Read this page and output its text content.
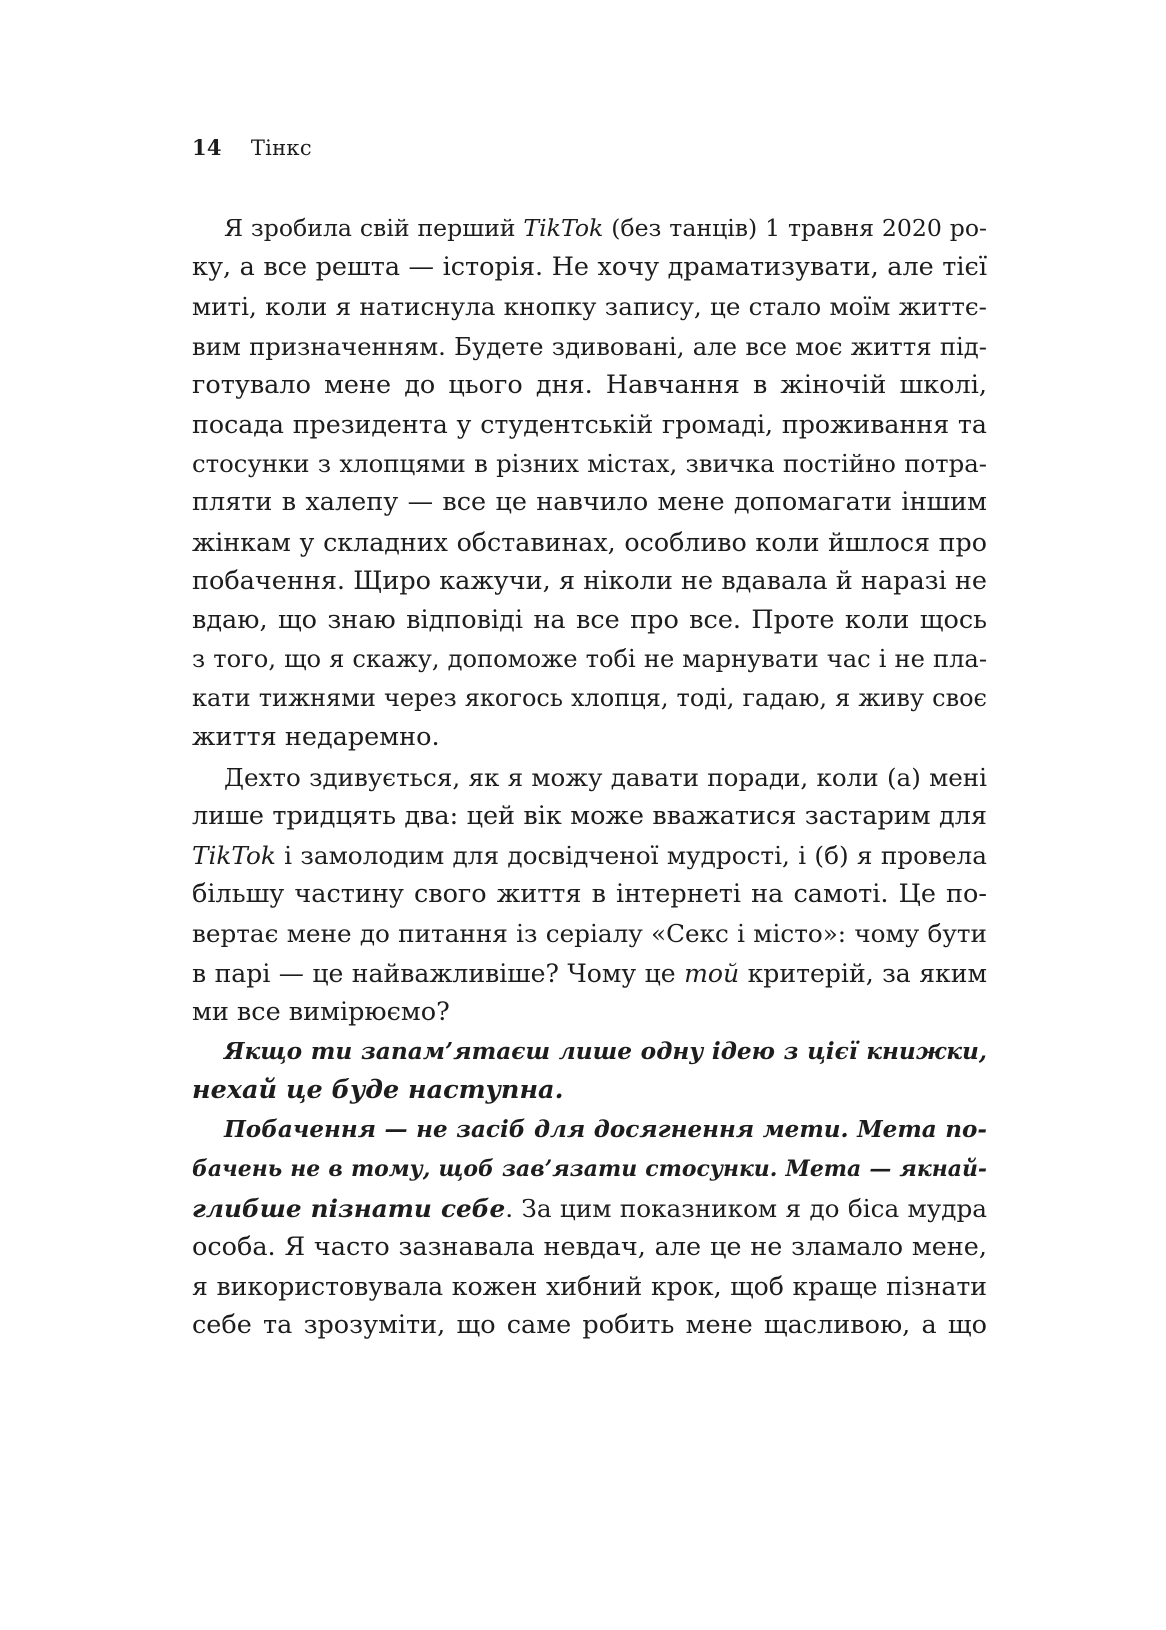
14 Тінкс
Я зробила свій перший TikTok (без танців) 1 травня 2020 ро-
ку, а все решта — історія. Не хочу драматизувати, але тієї
миті, коли я натиснула кнопку запису, це стало моїм життє-
вим призначенням. Будете здивовані, але все моє життя під-
готувало мене до цього дня. Навчання в жіночій школі,
посада президента у студентській громаді, проживання та
стосунки з хлопцями в різних містах, звичка постійно потра-
пляти в халепу — все це навчило мене допомагати іншим
жінкам у складних обставинах, особливо коли йшлося про
побачення. Щиро кажучи, я ніколи не вдавала й наразі не
вдаю, що знаю відповіді на все про все. Проте коли щось
з того, що я скажу, допоможе тобі не марнувати час і не пла-
кати тижнями через якогось хлопця, тоді, гадаю, я живу своє
життя недаремно.
Дехто здивується, як я можу давати поради, коли (а) мені
лише тридцять два: цей вік може вважатися застарим для
TikTok і замолодим для досвідченої мудрості, і (б) я провела
більшу частину свого життя в інтернеті на самоті. Це по-
вертає мене до питання із серіалу «Секс і місто»: чому бути
в парі — це найважливіше? Чому це той критерій, за яким
ми все вимірюємо?
Якщо ти запам’ятаєш лише одну ідею з цієї книжки,
нехай це буде наступна.
Побачення — не засіб для досягнення мети. Мета по-
бачень не в тому, щоб зав’язати стосунки. Мета — якнай-
глибше пізнати себе. За цим показником я до біса мудра
особа. Я часто зазнавала невдач, але це не зламало мене,
я використовувала кожен хибний крок, щоб краще пізнати
себе та зрозуміти, що саме робить мене щасливою, а що
